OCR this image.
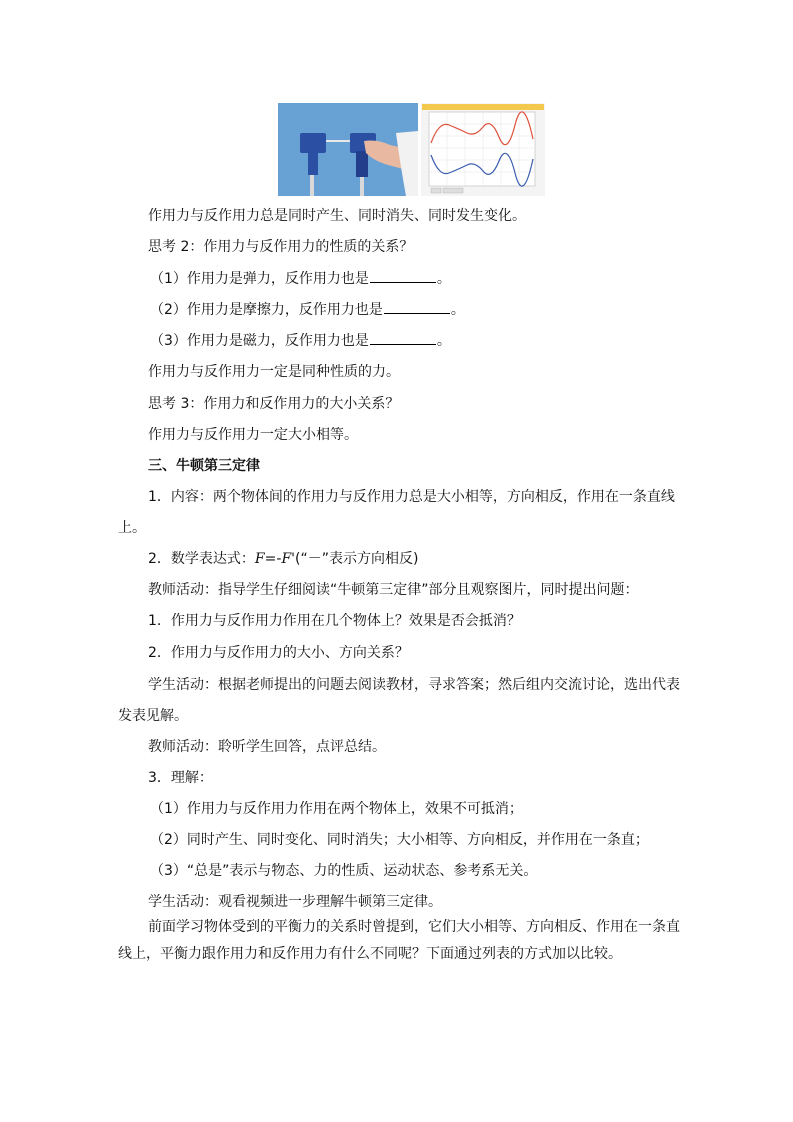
作用力与反作用力总是同时产生、同时消失、同时发生变化。
思考 2：作用力与反作用力的性质的关系？
（1）作用力是弹力，反作用力也是	。
（2）作用力是摩擦力，反作用力也是	。
（3）作用力是磁力，反作用力也是	。
作用力与反作用力一定是同种性质的力。
思考 3：作用力和反作用力的大小关系？
作用力与反作用力一定大小相等。
三、牛顿第三定律
1．内容：两个物体间的作用力与反作用力总是大小相等，方向相反，作用在一条直线
上。
2．数学表达式：F=-F'(“－”表示方向相反)
教师活动：指导学生仔细阅读“牛顿第三定律”部分且观察图片，同时提出问题：
1．作用力与反作用力作用在几个物体上？效果是否会抵消？
2．作用力与反作用力的大小、方向关系？
学生活动：根据老师提出的问题去阅读教材，寻求答案；然后组内交流讨论，选出代表
发表见解。
教师活动：聆听学生回答，点评总结。
3．理解：
（1）作用力与反作用力作用在两个物体上，效果不可抵消；
（2）同时产生、同时变化、同时消失；大小相等、方向相反，并作用在一条直；
（3）“总是”表示与物态、力的性质、运动状态、参考系无关。
学生活动：观看视频进一步理解牛顿第三定律。
前面学习物体受到的平衡力的关系时曾提到，它们大小相等、方向相反、作用在一条直
线上，平衡力跟作用力和反作用力有什么不同呢？下面通过列表的方式加以比较。
